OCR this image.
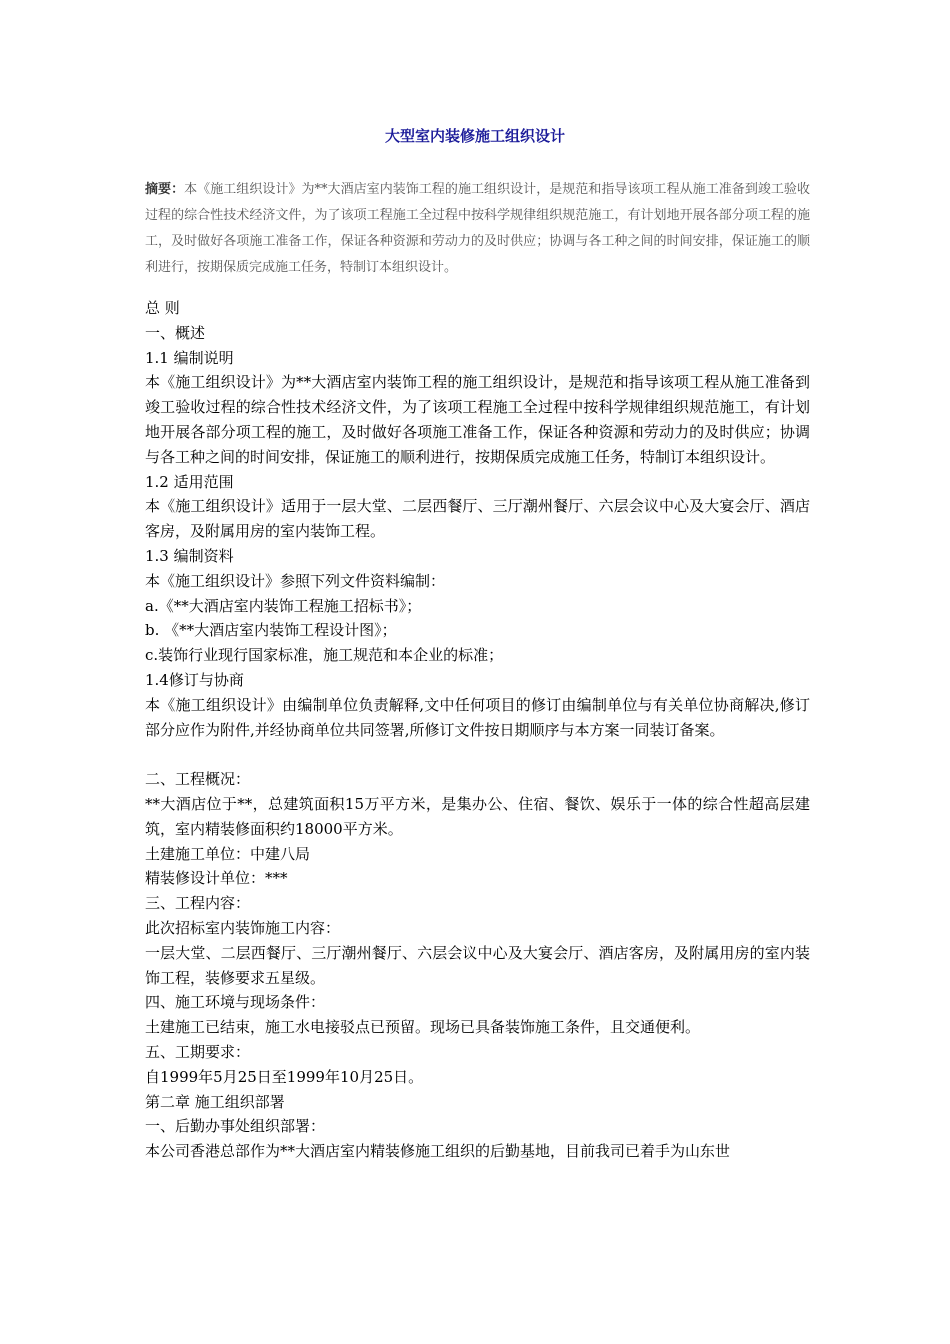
大型室内装修施工组织设计

摘要：本《施工组织设计》为**大酒店室内装饰工程的施工组织设计，是规范和指导该项工程从施工准备到竣工验收过程的综合性技术经济文件，为了该项工程施工全过程中按科学规律组织规范施工，有计划地开展各部分项工程的施工，及时做好各项施工准备工作，保证各种资源和劳动力的及时供应；协调与各工种之间的时间安排，保证施工的顺利进行，按期保质完成施工任务，特制订本组织设计。

总 则

一、概述

1.1 编制说明

本《施工组织设计》为**大酒店室内装饰工程的施工组织设计，是规范和指导该项工程从施工准备到竣工验收过程的综合性技术经济文件，为了该项工程施工全过程中按科学规律组织规范施工，有计划地开展各部分项工程的施工，及时做好各项施工准备工作，保证各种资源和劳动力的及时供应；协调与各工种之间的时间安排，保证施工的顺利进行，按期保质完成施工任务，特制订本组织设计。

1.2 适用范围

本《施工组织设计》适用于一层大堂、二层西餐厅、三厅潮州餐厅、六层会议中心及大宴会厅、酒店客房，及附属用房的室内装饰工程。

1.3 编制资料

本《施工组织设计》参照下列文件资料编制：

a.《**大酒店室内装饰工程施工招标书》；

b. 《**大酒店室内装饰工程设计图》；

c.装饰行业现行国家标准，施工规范和本企业的标准；

1.4修订与协商

本《施工组织设计》由编制单位负责解释,文中任何项目的修订由编制单位与有关单位协商解决,修订部分应作为附件,并经协商单位共同签署,所修订文件按日期顺序与本方案一同装订备案。

二、工程概况：

**大酒店位于**，总建筑面积15万平方米，是集办公、住宿、餐饮、娱乐于一体的综合性超高层建筑，室内精装修面积约18000平方米。

土建施工单位：中建八局

精装修设计单位：***

三、工程内容：

此次招标室内装饰施工内容：

一层大堂、二层西餐厅、三厅潮州餐厅、六层会议中心及大宴会厅、酒店客房，及附属用房的室内装饰工程，装修要求五星级。

四、施工环境与现场条件：

土建施工已结束，施工水电接驳点已预留。现场已具备装饰施工条件，且交通便利。

五、工期要求：

自1999年5月25日至1999年10月25日。

第二章 施工组织部署

一、后勤办事处组织部署：

本公司香港总部作为**大酒店室内精装修施工组织的后勤基地，目前我司已着手为山东世
